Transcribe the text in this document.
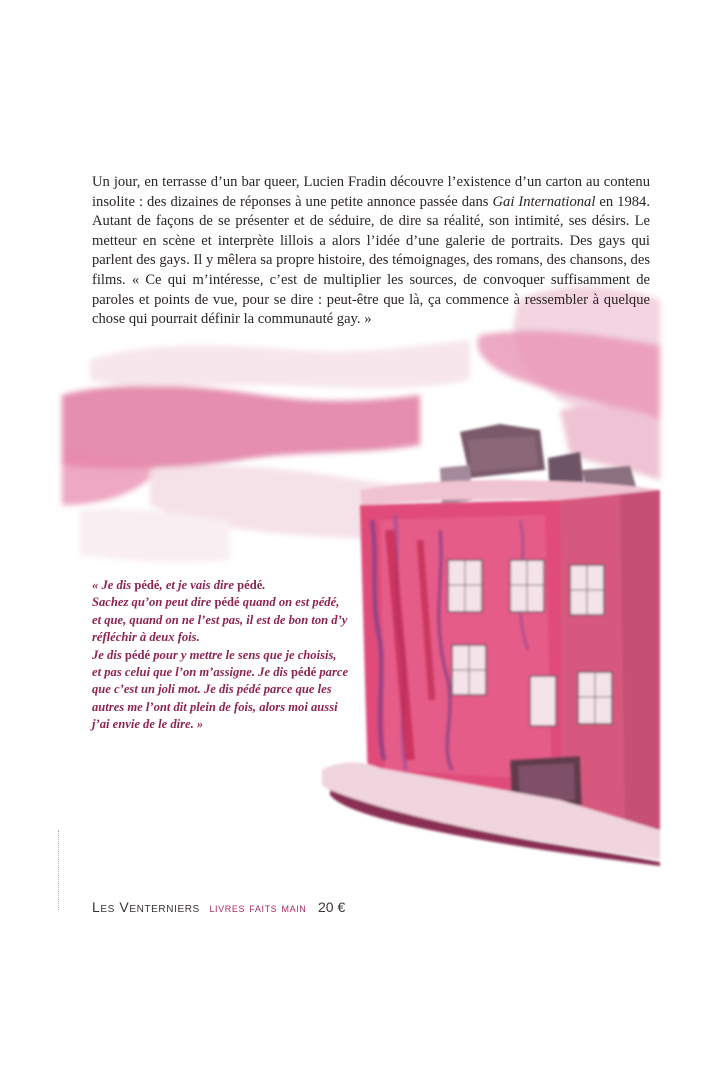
Un jour, en terrasse d’un bar queer, Lucien Fradin découvre l’existence d’un carton au contenu insolite : des dizaines de réponses à une petite annonce passée dans Gai International en 1984. Autant de façons de se présenter et de séduire, de dire sa réalité, son intimité, ses désirs. Le metteur en scène et interprète lillois a alors l’idée d’une galerie de portraits. Des gays qui parlent des gays. Il y mêlera sa propre histoire, des témoignages, des romans, des chansons, des films. « Ce qui m’intéresse, c’est de multiplier les sources, de convoquer suffisamment de paroles et points de vue, pour se dire : peut-être que là, ça commence à ressembler à quelque chose qui pourrait définir la communauté gay. »

« Je dis pédé, et je vais dire pédé.
Sachez qu’on peut dire pédé quand on est pédé,
et que, quand on ne l’est pas, il est de bon ton d’y
réfléchir à deux fois.
Je dis pédé pour y mettre le sens que je choisis,
et pas celui que l’on m’assigne. Je dis pédé parce
que c’est un joli mot. Je dis pédé parce que les
autres me l’ont dit plein de fois, alors moi aussi
j’ai envie de le dire. »

Les Venterniers livres faits main 20 €
